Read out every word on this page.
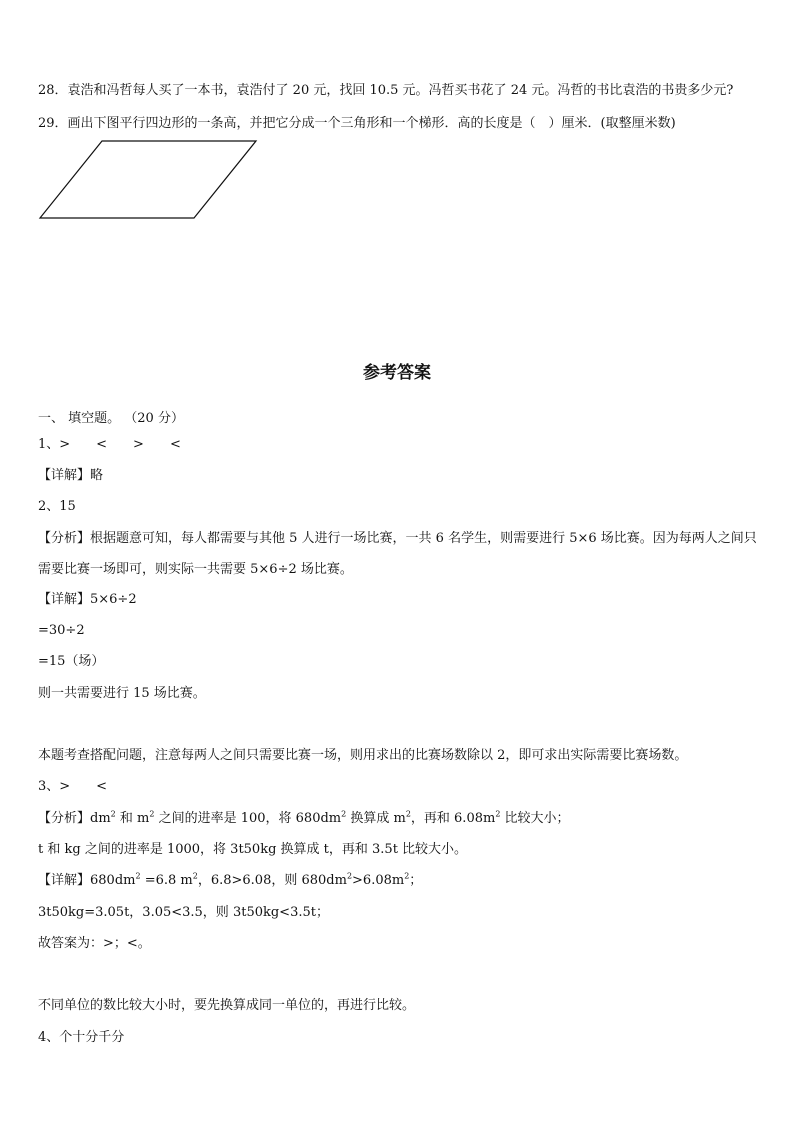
28．袁浩和冯哲每人买了一本书，袁浩付了 20 元，找回 10.5 元。冯哲买书花了 24 元。冯哲的书比袁浩的书贵多少元?
29．画出下图平行四边形的一条高，并把它分成一个三角形和一个梯形．高的长度是（　）厘米．(取整厘米数)
参考答案
一、 填空题。 （20 分）
1、>　　<　　>　　<
【详解】略
2、15
【分析】根据题意可知，每人都需要与其他 5 人进行一场比赛，一共 6 名学生，则需要进行 5×6 场比赛。因为每两人之间只需要比赛一场即可，则实际一共需要 5×6÷2 场比赛。
【详解】5×6÷2
=30÷2
=15（场）
则一共需要进行 15 场比赛。
本题考查搭配问题，注意每两人之间只需要比赛一场，则用求出的比赛场数除以 2，即可求出实际需要比赛场数。
3、>　　<
【分析】$dm^2$ 和 $m^2$ 之间的进率是 100，将 $680dm^2$ 换算成 $m^2$，再和 $6.08m^2$ 比较大小；
t 和 kg 之间的进率是 1000，将 3t50kg 换算成 t，再和 3.5t 比较大小。
【详解】$680dm^2 =6.8$ $m^2$，6.8>6.08，则 $680dm^2>6.08m^2$；
3t50kg=3.05t，3.05<3.5，则 3t50kg<3.5t；
故答案为：>；<。
不同单位的数比较大小时，要先换算成同一单位的，再进行比较。
4、个十分千分
